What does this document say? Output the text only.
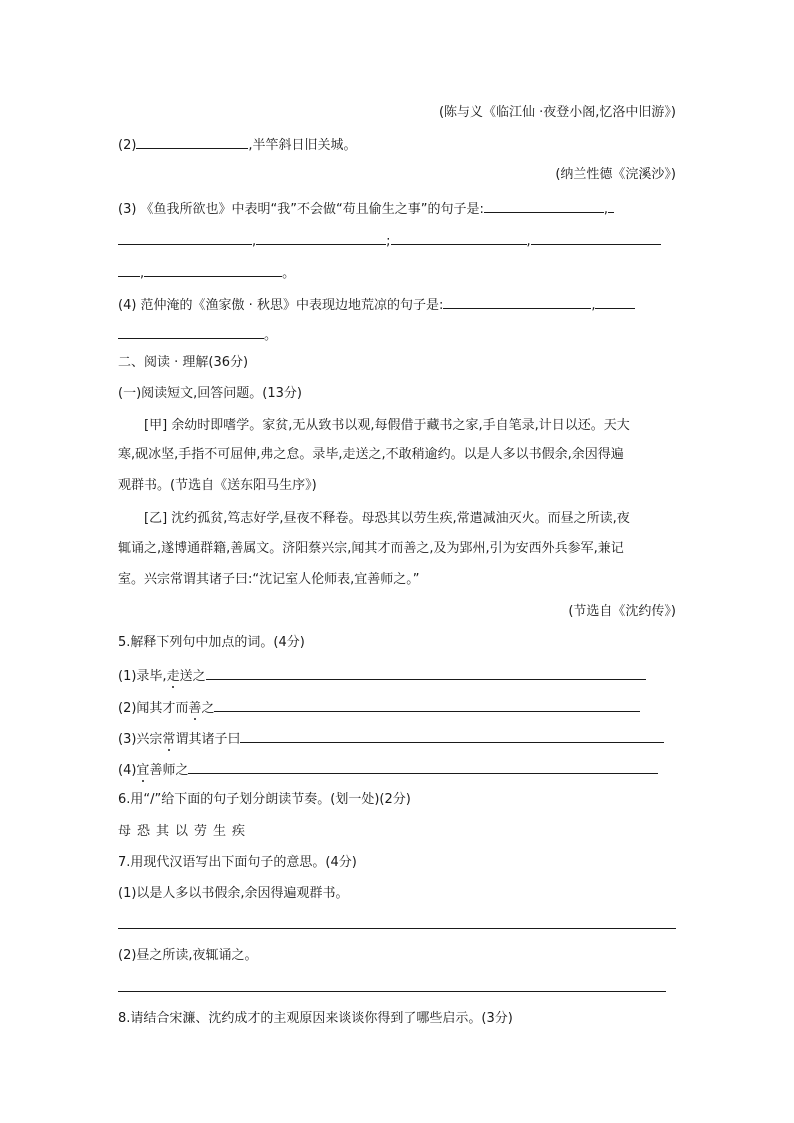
(陈与义《临江仙 ·夜登小阁,忆洛中旧游》)
(2)	,半竿斜日旧关城。
(纳兰性德《浣溪沙》)
(3) 《鱼我所欲也》中表明“我”不会做“苟且偷生之事”的句子是:	,
,	;	,
,	。
(4) 范仲淹的《渔家傲 · 秋思》中表现边地荒凉的句子是:	,
。
二、阅读 · 理解(36分)
(一)阅读短文,回答问题。(13分)
[甲] 余幼时即嗜学。家贫,无从致书以观,每假借于藏书之家,手自笔录,计日以还。天大
寒,砚冰坚,手指不可屈伸,弗之怠。录毕,走送之,不敢稍逾约。以是人多以书假余,余因得遍
观群书。(节选自《送东阳马生序》)
[乙] 沈约孤贫,笃志好学,昼夜不释卷。母恐其以劳生疾,常遣减油灭火。而昼之所读,夜
辄诵之,遂博通群籍,善属文。济阳蔡兴宗,闻其才而善之,及为郢州,引为安西外兵参军,兼记
室。兴宗常谓其诸子曰:“沈记室人伦师表,宜善师之。”
(节选自《沈约传》)
5.解释下列句中加点的词。(4分)
(1)录毕,走送之
(2)闻其才而善之
(3)兴宗常谓其诸子曰
(4)宜善师之
6.用“/”给下面的句子划分朗读节奏。(划一处)(2分)
母恐其以劳生疾
7.用现代汉语写出下面句子的意思。(4分)
(1)以是人多以书假余,余因得遍观群书。
(2)昼之所读,夜辄诵之。
8.请结合宋濂、沈约成才的主观原因来谈谈你得到了哪些启示。(3分)
